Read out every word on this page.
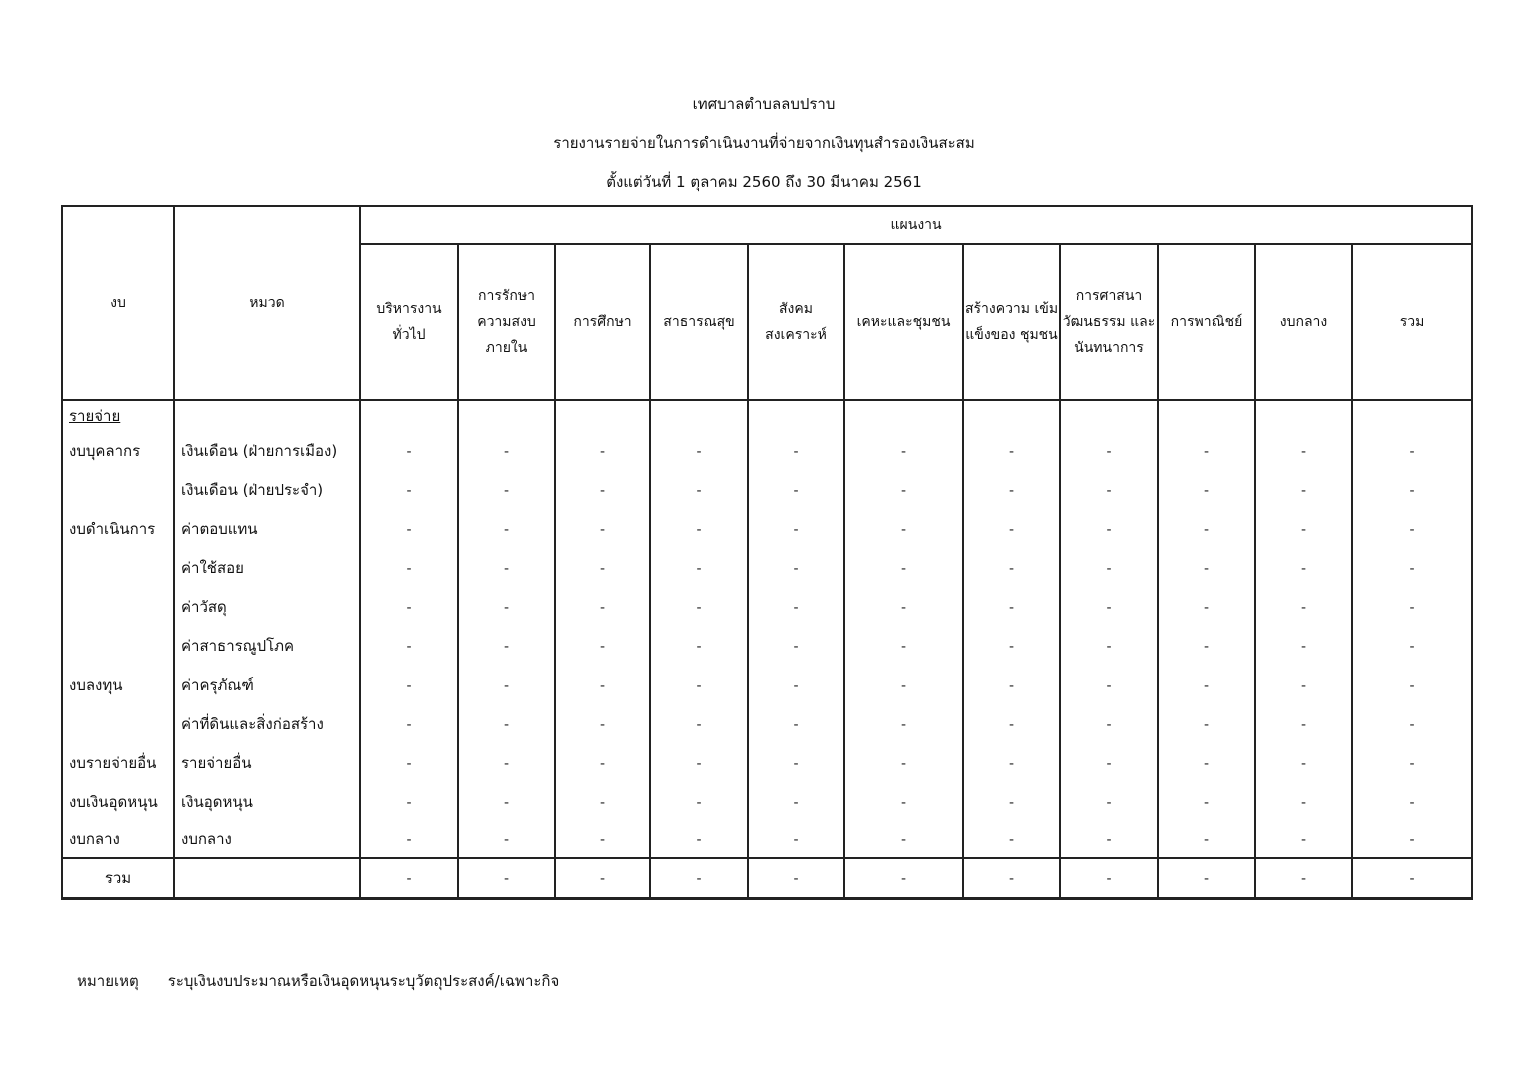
เทศบาลตำบลลบปราบ
รายงานรายจ่ายในการดำเนินงานที่จ่ายจากเงินทุนสำรองเงินสะสม
ตั้งแต่วันที่ 1 ตุลาคม 2560 ถึง 30 มีนาคม 2561
งบ	หมวด	แผนงาน										
		บริหารงาน ทั่วไป	การรักษา ความสงบ ภายใน	การศึกษา	สาธารณสุข	สังคม สงเคราะห์	เคหะและชุมชน	สร้างความ เข้มแข็งของ ชุมชน	การศาสนา วัฒนธรรม และ นันทนาการ	การพาณิชย์	งบกลาง	รวม
รายจ่าย												
งบบุคลากร	เงินเดือน (ฝ่ายการเมือง)	-	-	-	-	-	-	-	-	-	-	-
	เงินเดือน (ฝ่ายประจำ)	-	-	-	-	-	-	-	-	-	-	-
งบดำเนินการ	ค่าตอบแทน	-	-	-	-	-	-	-	-	-	-	-
	ค่าใช้สอย	-	-	-	-	-	-	-	-	-	-	-
	ค่าวัสดุ	-	-	-	-	-	-	-	-	-	-	-
	ค่าสาธารณูปโภค	-	-	-	-	-	-	-	-	-	-	-
งบลงทุน	ค่าครุภัณฑ์	-	-	-	-	-	-	-	-	-	-	-
	ค่าที่ดินและสิ่งก่อสร้าง	-	-	-	-	-	-	-	-	-	-	-
งบรายจ่ายอื่น	รายจ่ายอื่น	-	-	-	-	-	-	-	-	-	-	-
งบเงินอุดหนุน	เงินอุดหนุน	-	-	-	-	-	-	-	-	-	-	-
งบกลาง	งบกลาง	-	-	-	-	-	-	-	-	-	-	-
รวม		-	-	-	-	-	-	-	-	-	-	-
หมายเหตุ ระบุเงินงบประมาณหรือเงินอุดหนุนระบุวัตถุประสงค์/เฉพาะกิจ
